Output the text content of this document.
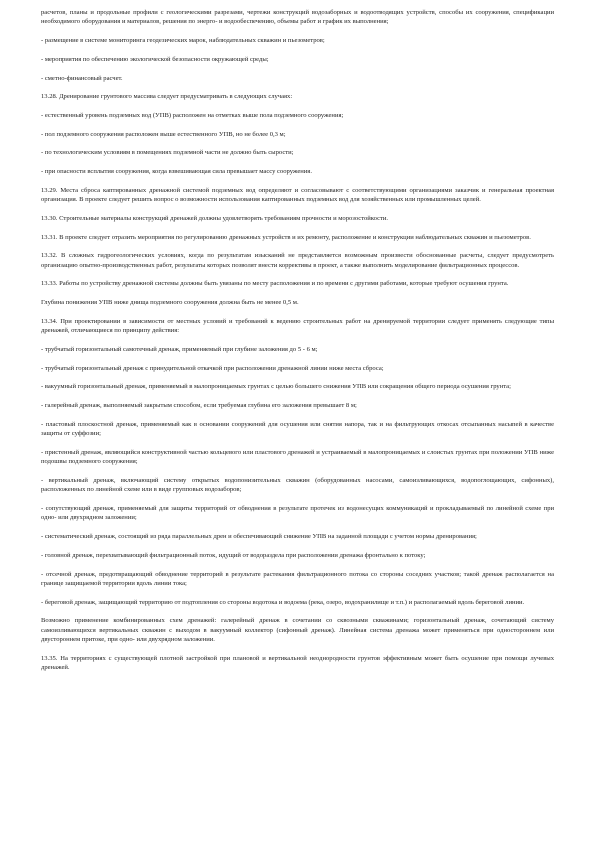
расчетов, планы и продольные профили с геологическими разрезами, чертежи конструкций водозаборных и водоотводящих устройств, способы их сооружения, спецификации необходимого оборудования и материалов, решения по энерго- и водообеспечению, объемы работ и график их выполнения;

- размещение в системе мониторинга геодезических марок, наблюдательных скважин и пьезометров;

- мероприятия по обеспечению экологической безопасности окружающей среды;

- сметно-финансовый расчет.

13.28. Дренирование грунтового массива следует предусматривать в следующих случаях:

- естественный уровень подземных вод (УПВ) расположен на отметках выше пола подземного сооружения;

- пол подземного сооружения расположен выше естественного УПВ, но не более 0,3 м;

- по технологическим условиям в помещениях подземной части не должно быть сырости;

- при опасности всплытия сооружения, когда взвешивающая сила превышает массу сооружения.

13.29. Места сброса каптированных дренажной системой подземных вод определяют и согласовывают с соответствующими организациями заказчик и генеральная проектная организация. В проекте следует решить вопрос о возможности использования каптированных подземных вод для хозяйственных или промышленных целей.

13.30. Строительные материалы конструкций дренажей должны удовлетворять требованиям прочности и морозостойкости.

13.31. В проекте следует отразить мероприятия по регулированию дренажных устройств и их ремонту, расположение и конструкции наблюдательных скважин и пьезометров.

13.32. В сложных гидрогеологических условиях, когда по результатам изысканий не представляется возможным произвести обоснованные расчеты, следует предусмотреть организацию опытно-производственных работ, результаты которых позволят внести коррективы в проект, а также выполнить моделирование фильтрационных процессов.

13.33. Работы по устройству дренажной системы должны быть увязаны по месту расположения и по времени с другими работами, которые требуют осушения грунта.

Глубина понижения УПВ ниже днища подземного сооружения должна быть не менее 0,5 м.

13.34. При проектировании в зависимости от местных условий и требований к ведению строительных работ на дренируемой территории следует применять следующие типы дренажей, отличающиеся по принципу действия:

- трубчатый горизонтальный самотечный дренаж, применяемый при глубине заложения до 5 - 6 м;

- трубчатый горизонтальный дренаж с принудительной откачкой при расположении дренажной линии ниже места сброса;

- вакуумный горизонтальный дренаж, применяемый в малопроницаемых грунтах с целью большего снижения УПВ или сокращения общего периода осушения грунта;

- галерейный дренаж, выполняемый закрытым способом, если требуемая глубина его заложения превышает 8 м;

- пластовый плоскостной дренаж, применяемый как в основании сооружений для осушения или снятия напора, так и на фильтрующих откосах отсыпанных насыпей в качестве защиты от суффозии;

- пристенный дренаж, являющийся конструктивной частью кольцевого или пластового дренажей и устраиваемый в малопроницаемых и слоистых грунтах при положении УПВ ниже подошвы подземного сооружения;

- вертикальный дренаж, включающий систему открытых водопонизительных скважин (оборудованных насосами, самоизливающихся, водопоглощающих, сифонных), расположенных по линейной схеме или в виде групповых водозаборов;

- сопутствующий дренаж, применяемый для защиты территорий от обводнения в результате протечек из водонесущих коммуникаций и прокладываемый по линейной схеме при одно- или двухрядном заложении;

- систематический дренаж, состоящий из ряда параллельных дрен и обеспечивающий снижение УПВ на заданной площади с учетом нормы дренирования;

- головной дренаж, перехватывающий фильтрационный поток, идущий от водораздела при расположении дренажа фронтально к потоку;

- отсечной дренаж, предотвращающий обводнение территорий в результате растекания фильтрационного потока со стороны соседних участков; такой дренаж располагается на границе защищаемой территории вдоль линии тока;

- береговой дренаж, защищающий территорию от подтопления со стороны водотока и водоема (река, озеро, водохранилище и т.п.) и располагаемый вдоль береговой линии.

Возможно применение комбинированных схем дренажей: галерейный дренаж в сочетании со сквозными скважинами; горизонтальный дренаж, сочетающий систему самоизливающихся вертикальных скважин с выходом в вакуумный коллектор (сифонный дренаж). Линейная система дренажа может применяться при одностороннем или двустороннем притоке, при одно- или двухрядном заложении.

13.35. На территориях с существующей плотной застройкой при плановой и вертикальной неоднородности грунтов эффективным может быть осушение при помощи лучевых дренажей.
